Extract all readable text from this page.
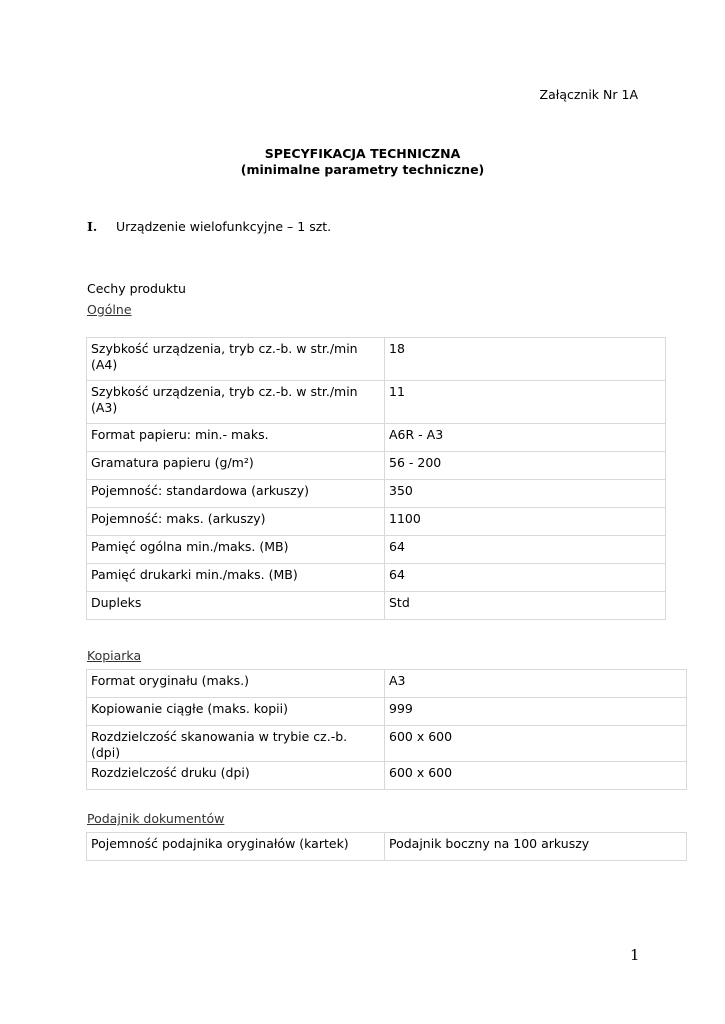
Załącznik Nr 1A
SPECYFIKACJA TECHNICZNA
(minimalne parametry techniczne)
I. Urządzenie wielofunkcyjne – 1 szt.
Cechy produktu
Ogólne
Szybkość urządzenia, tryb cz.-b. w str./min (A4)	18
Szybkość urządzenia, tryb cz.-b. w str./min (A3)	11
Format papieru: min.- maks.	A6R - A3
Gramatura papieru (g/m²)	56 - 200
Pojemność: standardowa (arkuszy)	350
Pojemność: maks. (arkuszy)	1100
Pamięć ogólna min./maks. (MB)	64
Pamięć drukarki min./maks. (MB)	64
Dupleks	Std
Kopiarka
Format oryginału (maks.)	A3
Kopiowanie ciągłe (maks. kopii)	999
Rozdzielczość skanowania w trybie cz.-b. (dpi)	600 x 600
Rozdzielczość druku (dpi)	600 x 600
Podajnik dokumentów
Pojemność podajnika oryginałów (kartek)	Podajnik boczny na 100 arkuszy
1
